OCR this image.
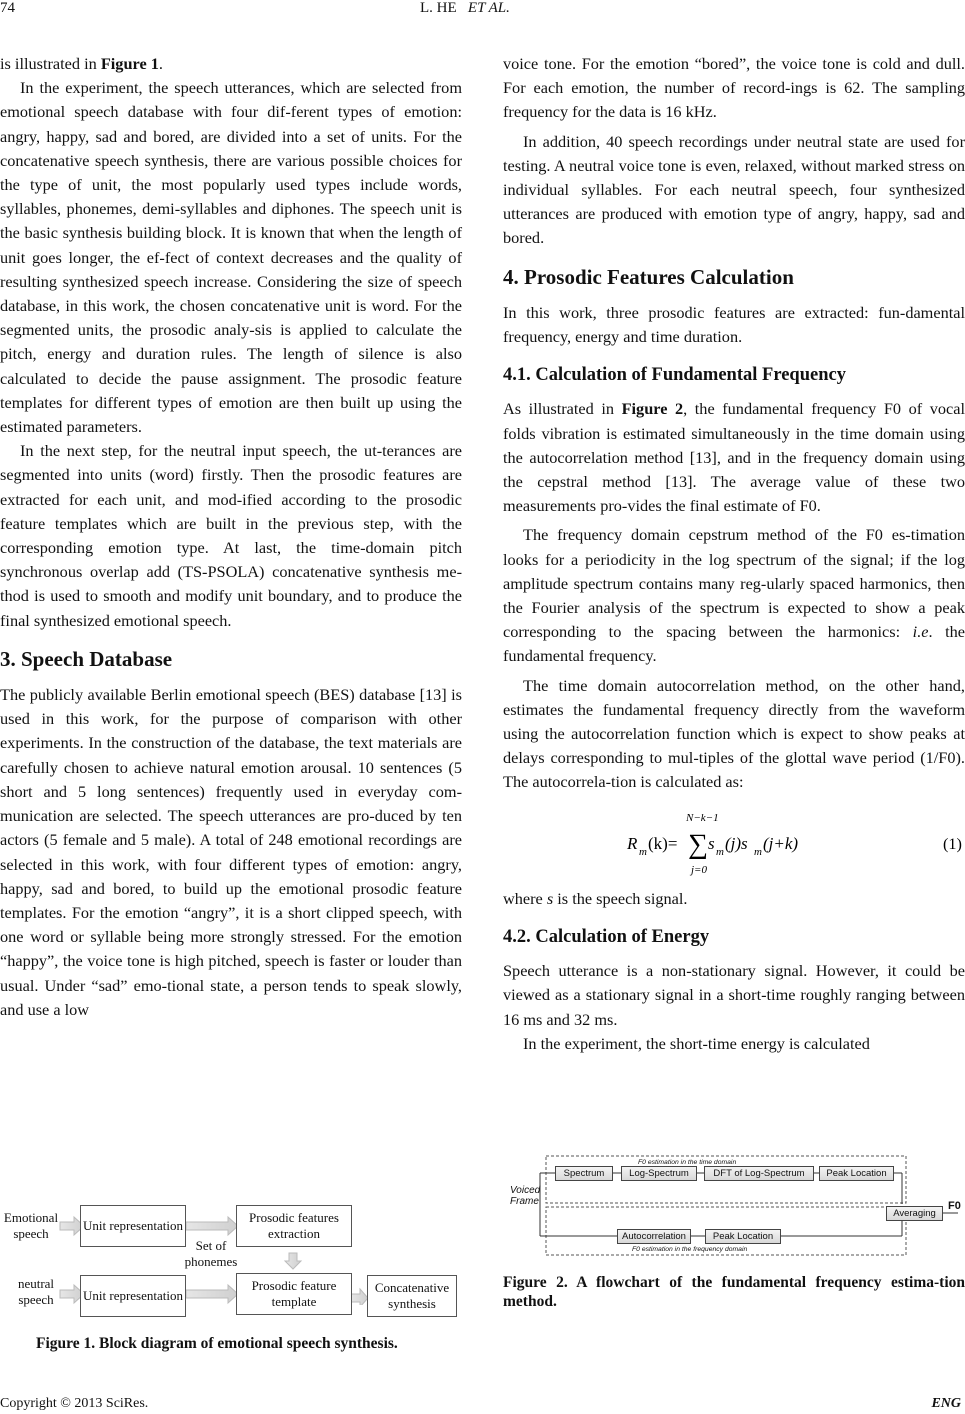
74	L. HE ET AL.

is illustrated in Figure 1.

In the experiment, the speech utterances, which are selected from emotional speech database with four dif-ferent types of emotion: angry, happy, sad and bored, are divided into a set of units. For the concatenative speech synthesis, there are various possible choices for the type of unit, the most popularly used types include words, syllables, phonemes, demi-syllables and diphones. The speech unit is the basic synthesis building block. It is known that when the length of unit goes longer, the ef-fect of context decreases and the quality of resulting synthesized speech increase. Considering the size of speech database, in this work, the chosen concatenative unit is word. For the segmented units, the prosodic analy-sis is applied to calculate the pitch, energy and duration rules. The length of silence is also calculated to decide the pause assignment. The prosodic feature templates for different types of emotion are then built up using the estimated parameters.

In the next step, for the neutral input speech, the ut-terances are segmented into units (word) firstly. Then the prosodic features are extracted for each unit, and mod-ified according to the prosodic feature templates which are built in the previous step, with the corresponding emotion type. At last, the time-domain pitch synchronous overlap add (TS-PSOLA) concatenative synthesis me-thod is used to smooth and modify unit boundary, and to produce the final synthesized emotional speech.

3. Speech Database

The publicly available Berlin emotional speech (BES) database [13] is used in this work, for the purpose of comparison with other experiments. In the construction of the database, the text materials are carefully chosen to achieve natural emotion arousal. 10 sentences (5 short and 5 long sentences) frequently used in everyday com-munication are selected. The speech utterances are pro-duced by ten actors (5 female and 5 male). A total of 248 emotional recordings are selected in this work, with four different types of emotion: angry, happy, sad and bored, to build up the emotional prosodic feature templates. For the emotion “angry”, it is a short clipped speech, with one word or syllable being more strongly stressed. For the emotion “happy”, the voice tone is high pitched, speech is faster or louder than usual. Under “sad” emo-tional state, a person tends to speak slowly, and use a low

Emotional speech
Unit representation
Prosodic features extraction
Set of phonemes
neutral speech	Unit representation
Prosodic feature template
Concatenative synthesis
Figure 1. Block diagram of emotional speech synthesis.

voice tone. For the emotion “bored”, the voice tone is cold and dull. For each emotion, the number of record-ings is 62. The sampling frequency for the data is 16 kHz.

In addition, 40 speech recordings under neutral state are used for testing. A neutral voice tone is even, relaxed, without marked stress on individual syllables. For each neutral speech, four synthesized utterances are produced with emotion type of angry, happy, sad and bored.

4. Prosodic Features Calculation

In this work, three prosodic features are extracted: fun-damental frequency, energy and time duration.

4.1. Calculation of Fundamental Frequency

As illustrated in Figure 2, the fundamental frequency F0 of vocal folds vibration is estimated simultaneously in the time domain using the autocorrelation method [13], and in the frequency domain using the cepstral method [13]. The average value of these two measurements pro-vides the final estimate of F0.

The frequency domain cepstrum method of the F0 es-timation looks for a periodicity in the log spectrum of the signal; if the log amplitude spectrum contains many reg-ularly spaced harmonics, then the Fourier analysis of the spectrum is expected to show a peak corresponding to the spacing between the harmonics: i.e. the fundamental frequency.

The time domain autocorrelation method, on the other hand, estimates the fundamental frequency directly from the waveform using the autocorrelation function which is expect to show peaks at delays corresponding to mul-tiples of the glottal wave period (1/F0). The autocorrela-tion is calculated as:

N−k−1
R m (k)= ∑ s m (j)s m (j+k)
j=0
(1)

where s is the speech signal.

4.2. Calculation of Energy

Speech utterance is a non-stationary signal. However, it could be viewed as a stationary signal in a short-time roughly ranging between 16 ms and 32 ms.

In the experiment, the short-time energy is calculated

Voiced Frame
F0 estimation in the time domain
Spectrum	Log-Spectrum	DFT of Log-Spectrum	Peak Location
Averaging
F0
Autocorrelation	Peak Location
F0 estimation in the frequency domain
Figure 2. A flowchart of the fundamental frequency estima-tion method.
Copyright © 2013 SciRes.	ENG
